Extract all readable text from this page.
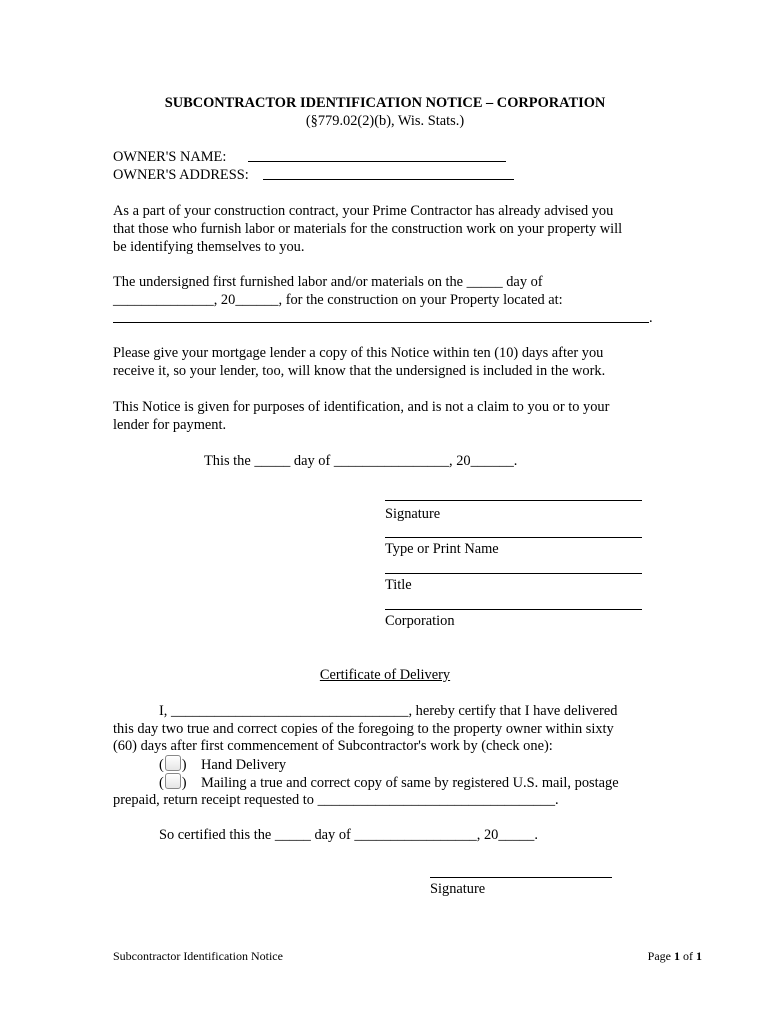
SUBCONTRACTOR IDENTIFICATION NOTICE – CORPORATION
(§779.02(2)(b), Wis. Stats.)
OWNER'S NAME:
OWNER'S ADDRESS:

As a part of your construction contract, your Prime Contractor has already advised you

that those who furnish labor or materials for the construction work on your property will

be identifying themselves to you.

The undersigned first furnished labor and/or materials on the _____ day of

______________, 20______, for the construction on your Property located at:

.

Please give your mortgage lender a copy of this Notice within ten (10) days after you

receive it, so your lender, too, will know that the undersigned is included in the work.

This Notice is given for purposes of identification, and is not a claim to you or to your

lender for payment.

This the _____ day of ________________, 20______.
Signature
Type or Print Name
Title
Corporation
Certificate of Delivery
I, _________________________________, hereby certify that I have delivered
this day two true and correct copies of the foregoing to the property owner within sixty
(60) days after first commencement of Subcontractor's work by (check one):
( )    Hand Delivery
( )    Mailing a true and correct copy of same by registered U.S. mail, postage
prepaid, return receipt requested to _________________________________.
So certified this the _____ day of _________________, 20_____.
Signature
Subcontractor Identification Notice	Page 1 of 1
